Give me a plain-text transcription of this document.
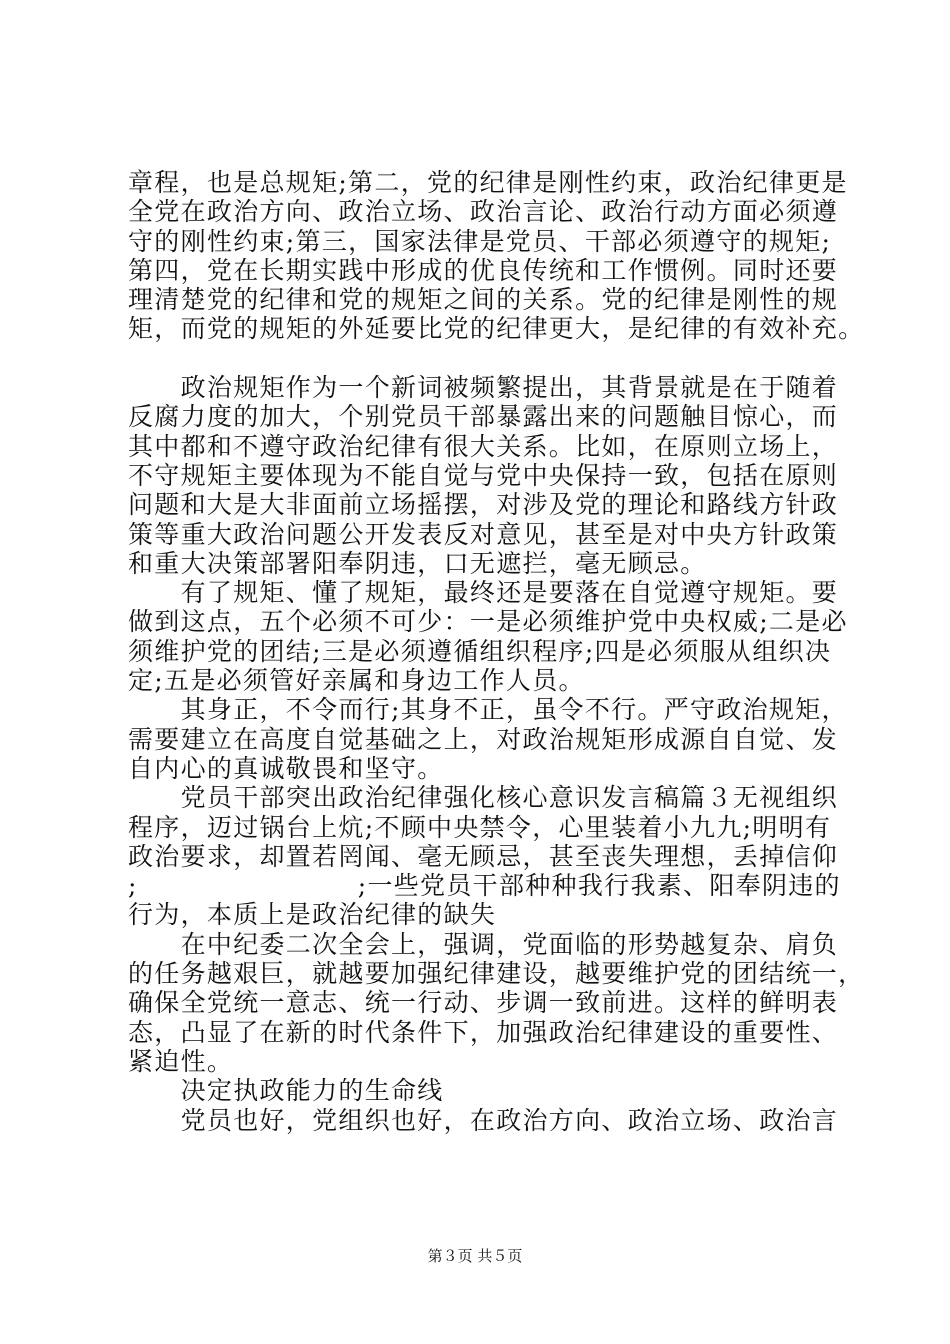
章程，也是总规矩;第二，党的纪律是刚性约束，政治纪律更是
全党在政治方向、政治立场、政治言论、政治行动方面必须遵
守的刚性约束;第三，国家法律是党员、干部必须遵守的规矩;
第四，党在长期实践中形成的优良传统和工作惯例。同时还要
理清楚党的纪律和党的规矩之间的关系。党的纪律是刚性的规
矩，而党的规矩的外延要比党的纪律更大，是纪律的有效补充。
　　政治规矩作为一个新词被频繁提出，其背景就是在于随着
反腐力度的加大，个别党员干部暴露出来的问题触目惊心，而
其中都和不遵守政治纪律有很大关系。比如，在原则立场上，
不守规矩主要体现为不能自觉与党中央保持一致，包括在原则
问题和大是大非面前立场摇摆，对涉及党的理论和路线方针政
策等重大政治问题公开发表反对意见，甚至是对中央方针政策
和重大决策部署阳奉阴违，口无遮拦，毫无顾忌。
　　有了规矩、懂了规矩，最终还是要落在自觉遵守规矩。要
做到这点，五个必须不可少：一是必须维护党中央权威;二是必
须维护党的团结;三是必须遵循组织程序;四是必须服从组织决
定;五是必须管好亲属和身边工作人员。
　　其身正，不令而行;其身不正，虽令不行。严守政治规矩，
需要建立在高度自觉基础之上，对政治规矩形成源自自觉、发
自内心的真诚敬畏和坚守。
　　党员干部突出政治纪律强化核心意识发言稿篇３无视组织
程序，迈过锅台上炕;不顾中央禁令，心里装着小九九;明明有
政治要求，却置若罔闻、毫无顾忌，甚至丧失理想，丢掉信仰
;	;一些党员干部种种我行我素、阳奉阴违的
行为，本质上是政治纪律的缺失
　　在中纪委二次全会上，强调，党面临的形势越复杂、肩负
的任务越艰巨，就越要加强纪律建设，越要维护党的团结统一，
确保全党统一意志、统一行动、步调一致前进。这样的鲜明表
态，凸显了在新的时代条件下，加强政治纪律建设的重要性、
紧迫性。
　　决定执政能力的生命线
　　党员也好，党组织也好，在政治方向、政治立场、政治言
第３页 共５页
